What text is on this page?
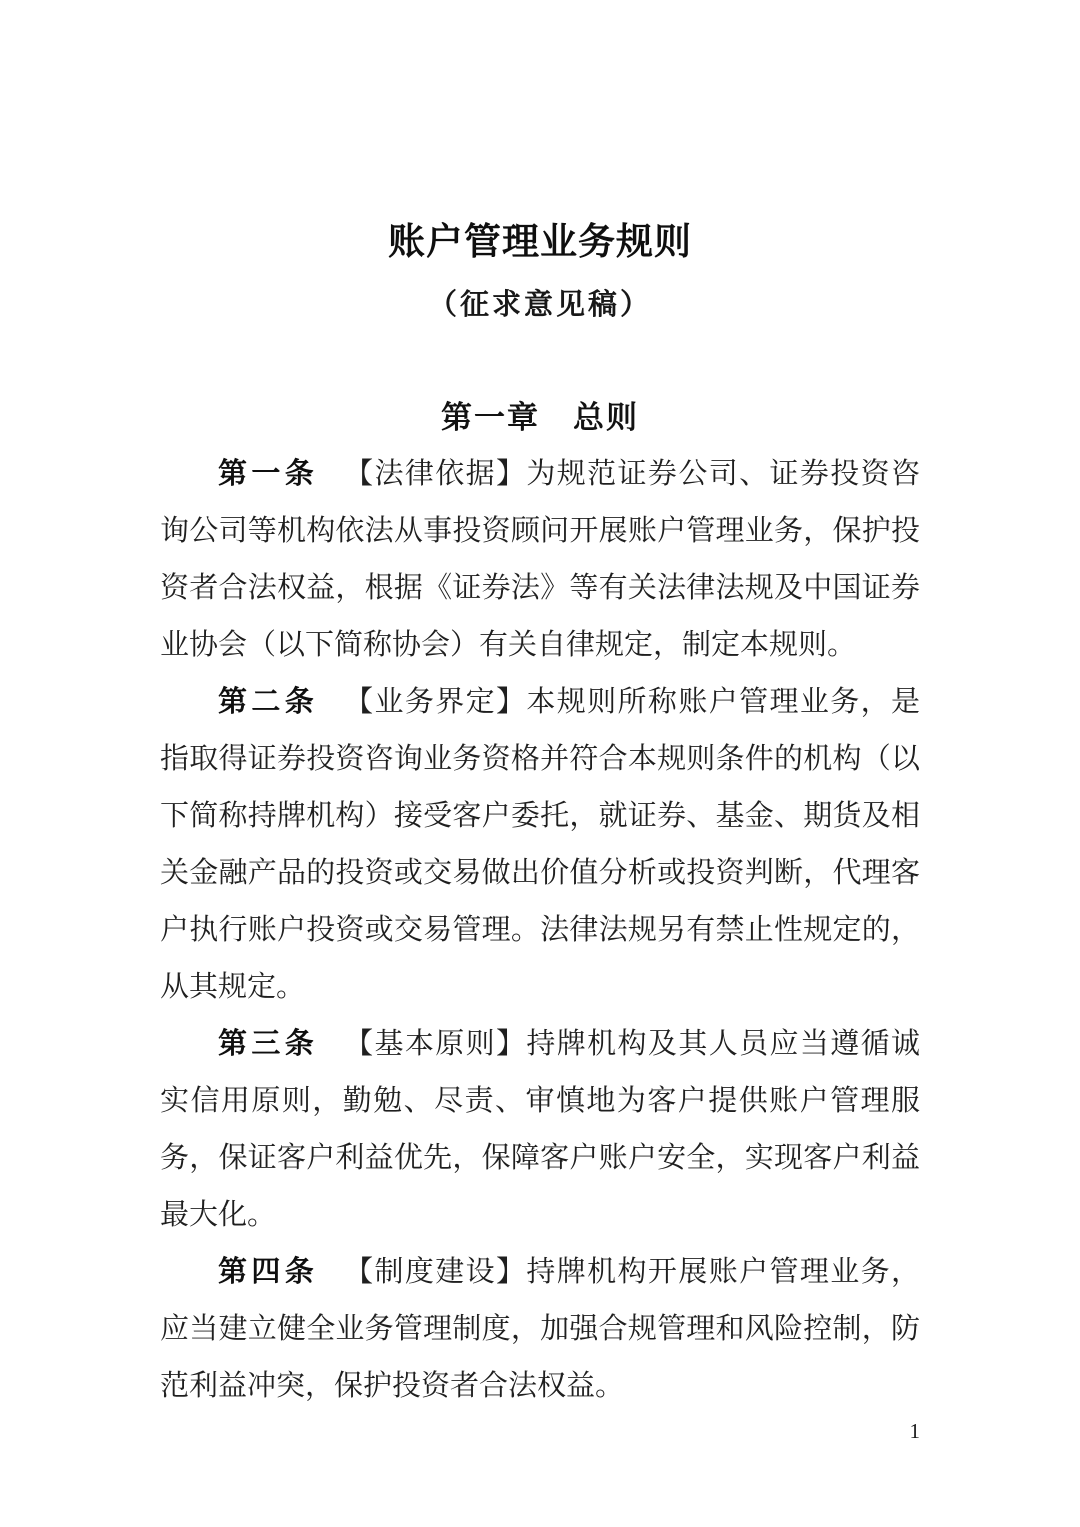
账户管理业务规则
（征求意见稿）
第一章　总则

第一条 【法律依据】为规范证券公司、证券投资咨询公司等机构依法从事投资顾问开展账户管理业务，保护投资者合法权益，根据《证券法》等有关法律法规及中国证券业协会（以下简称协会）有关自律规定，制定本规则。

第二条 【业务界定】本规则所称账户管理业务，是指取得证券投资咨询业务资格并符合本规则条件的机构（以下简称持牌机构）接受客户委托，就证券、基金、期货及相关金融产品的投资或交易做出价值分析或投资判断，代理客户执行账户投资或交易管理。法律法规另有禁止性规定的，从其规定。

第三条 【基本原则】持牌机构及其人员应当遵循诚实信用原则，勤勉、尽责、审慎地为客户提供账户管理服务，保证客户利益优先，保障客户账户安全，实现客户利益最大化。

第四条 【制度建设】持牌机构开展账户管理业务，应当建立健全业务管理制度，加强合规管理和风险控制，防范利益冲突，保护投资者合法权益。

1
